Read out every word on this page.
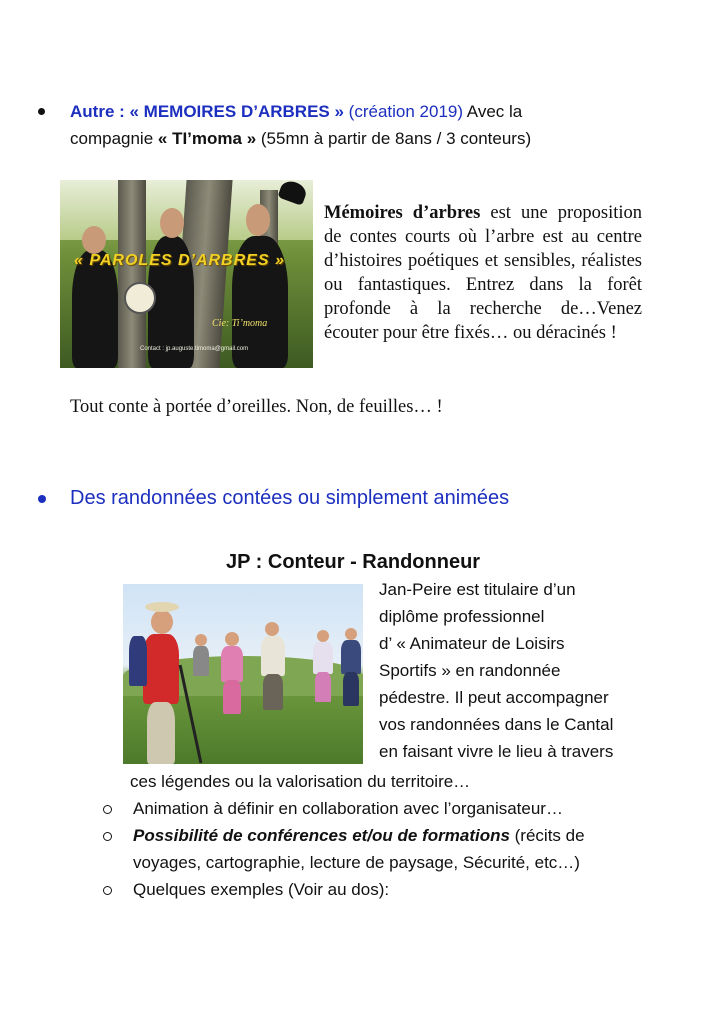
Autre : « MEMOIRES D’ARBRES » (création 2019) Avec la
compagnie « TI’moma » (55mn à partir de 8ans / 3 conteurs)
« PAROLES D’ARBRES »
Cie: Ti’moma
Contact : jp.auguste.timoma@gmail.com
Mémoires d’arbres est une proposition de contes courts où l’arbre est au centre d’histoires poétiques et sensibles, réalistes ou fantastiques. Entrez dans la forêt profonde à la recherche de…Venez écouter pour être fixés… ou déracinés !
Tout conte à portée d’oreilles. Non, de feuilles… !
Des randonnées contées ou simplement animées
JP : Conteur - Randonneur
Jan-Peire est titulaire d’un
diplôme professionnel
d’ « Animateur de Loisirs
Sportifs » en randonnée
pédestre. Il peut accompagner
vos randonnées dans le Cantal
en faisant vivre le lieu à travers
ces légendes ou la valorisation du territoire…
Animation à définir en collaboration avec l’organisateur…
Possibilité de conférences et/ou de formations (récits de
voyages, cartographie, lecture de paysage, Sécurité, etc…)
Quelques exemples (Voir au dos):
